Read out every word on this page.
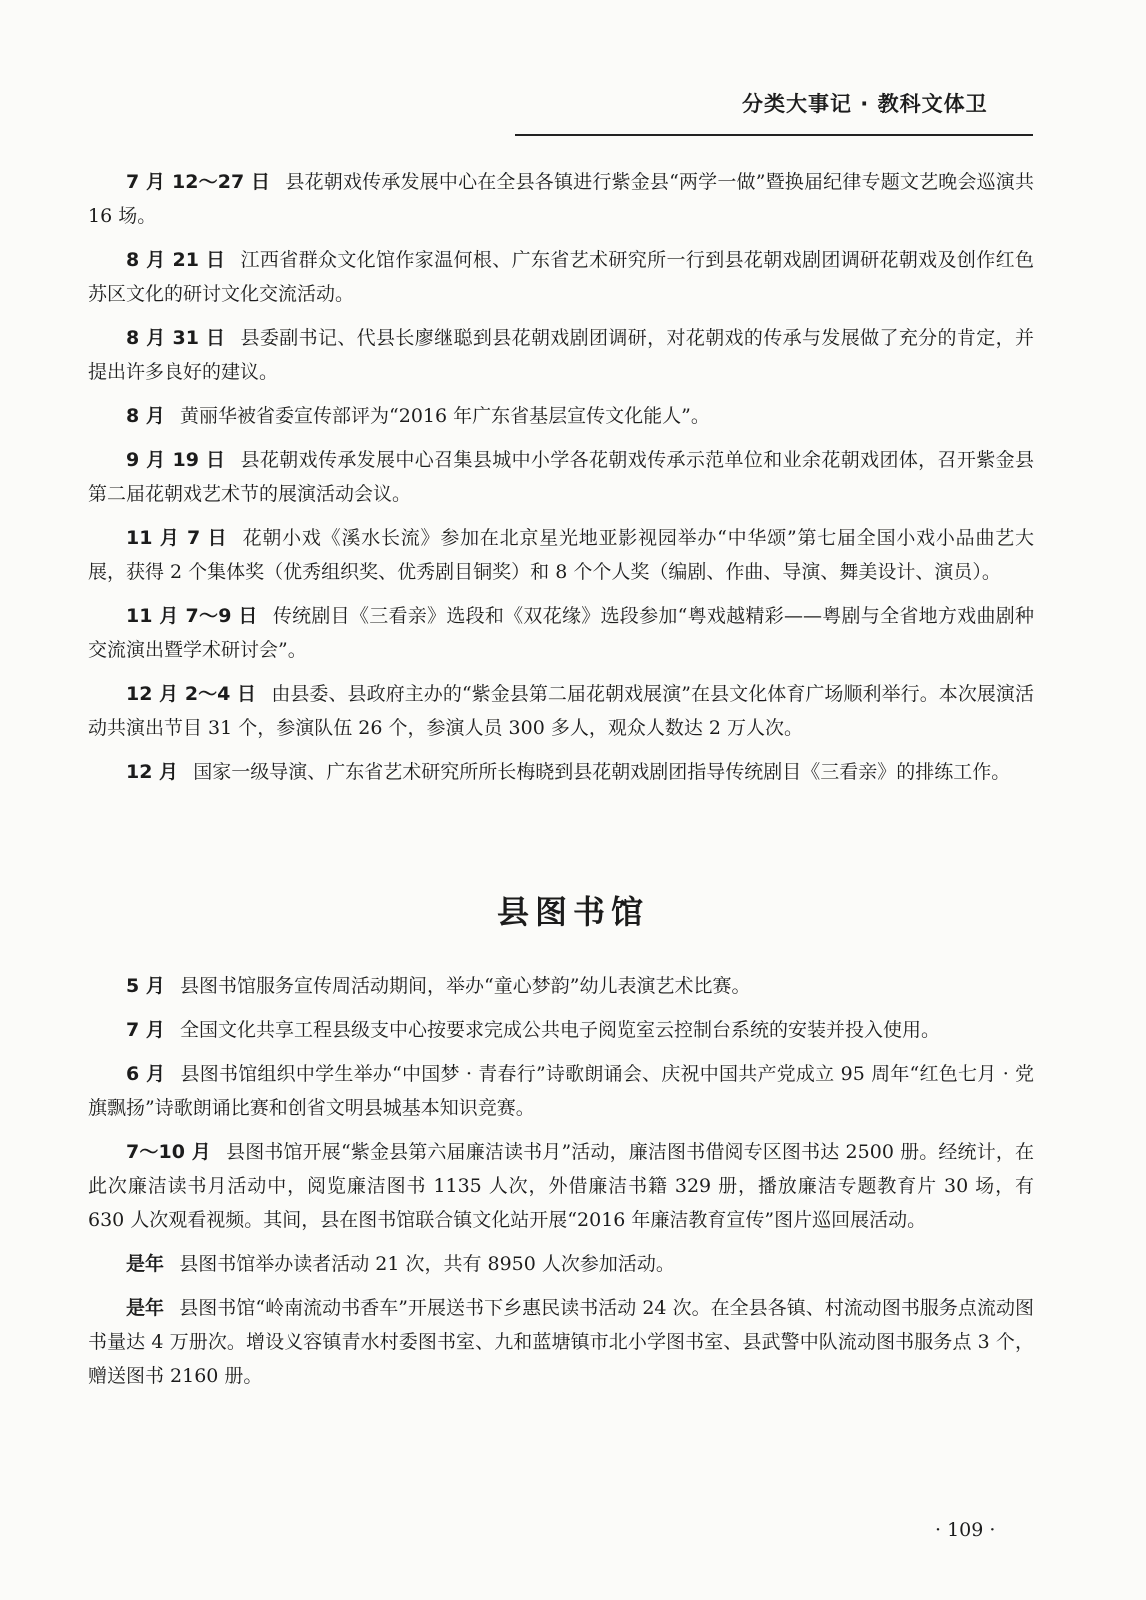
分类大事记 · 教科文体卫

7 月 12～27 日 县花朝戏传承发展中心在全县各镇进行紫金县“两学一做”暨换届纪律专题文艺晚会巡演共 16 场。

8 月 21 日 江西省群众文化馆作家温何根、广东省艺术研究所一行到县花朝戏剧团调研花朝戏及创作红色苏区文化的研讨文化交流活动。

8 月 31 日 县委副书记、代县长廖继聪到县花朝戏剧团调研，对花朝戏的传承与发展做了充分的肯定，并提出许多良好的建议。

8 月 黄丽华被省委宣传部评为“2016 年广东省基层宣传文化能人”。

9 月 19 日 县花朝戏传承发展中心召集县城中小学各花朝戏传承示范单位和业余花朝戏团体，召开紫金县第二届花朝戏艺术节的展演活动会议。

11 月 7 日 花朝小戏《溪水长流》参加在北京星光地亚影视园举办“中华颂”第七届全国小戏小品曲艺大展，获得 2 个集体奖（优秀组织奖、优秀剧目铜奖）和 8 个个人奖（编剧、作曲、导演、舞美设计、演员）。

11 月 7～9 日 传统剧目《三看亲》选段和《双花缘》选段参加“粤戏越精彩——粤剧与全省地方戏曲剧种交流演出暨学术研讨会”。

12 月 2～4 日 由县委、县政府主办的“紫金县第二届花朝戏展演”在县文化体育广场顺利举行。本次展演活动共演出节目 31 个，参演队伍 26 个，参演人员 300 多人，观众人数达 2 万人次。

12 月 国家一级导演、广东省艺术研究所所长梅晓到县花朝戏剧团指导传统剧目《三看亲》的排练工作。

县图书馆

5 月 县图书馆服务宣传周活动期间，举办“童心梦韵”幼儿表演艺术比赛。

7 月 全国文化共享工程县级支中心按要求完成公共电子阅览室云控制台系统的安装并投入使用。

6 月 县图书馆组织中学生举办“中国梦 · 青春行”诗歌朗诵会、庆祝中国共产党成立 95 周年“红色七月 · 党旗飘扬”诗歌朗诵比赛和创省文明县城基本知识竞赛。

7～10 月 县图书馆开展“紫金县第六届廉洁读书月”活动，廉洁图书借阅专区图书达 2500 册。经统计，在此次廉洁读书月活动中，阅览廉洁图书 1135 人次，外借廉洁书籍 329 册，播放廉洁专题教育片 30 场，有 630 人次观看视频。其间，县在图书馆联合镇文化站开展“2016 年廉洁教育宣传”图片巡回展活动。

是年 县图书馆举办读者活动 21 次，共有 8950 人次参加活动。

是年 县图书馆“岭南流动书香车”开展送书下乡惠民读书活动 24 次。在全县各镇、村流动图书服务点流动图书量达 4 万册次。增设义容镇青水村委图书室、九和蓝塘镇市北小学图书室、县武警中队流动图书服务点 3 个，赠送图书 2160 册。

· 109 ·
